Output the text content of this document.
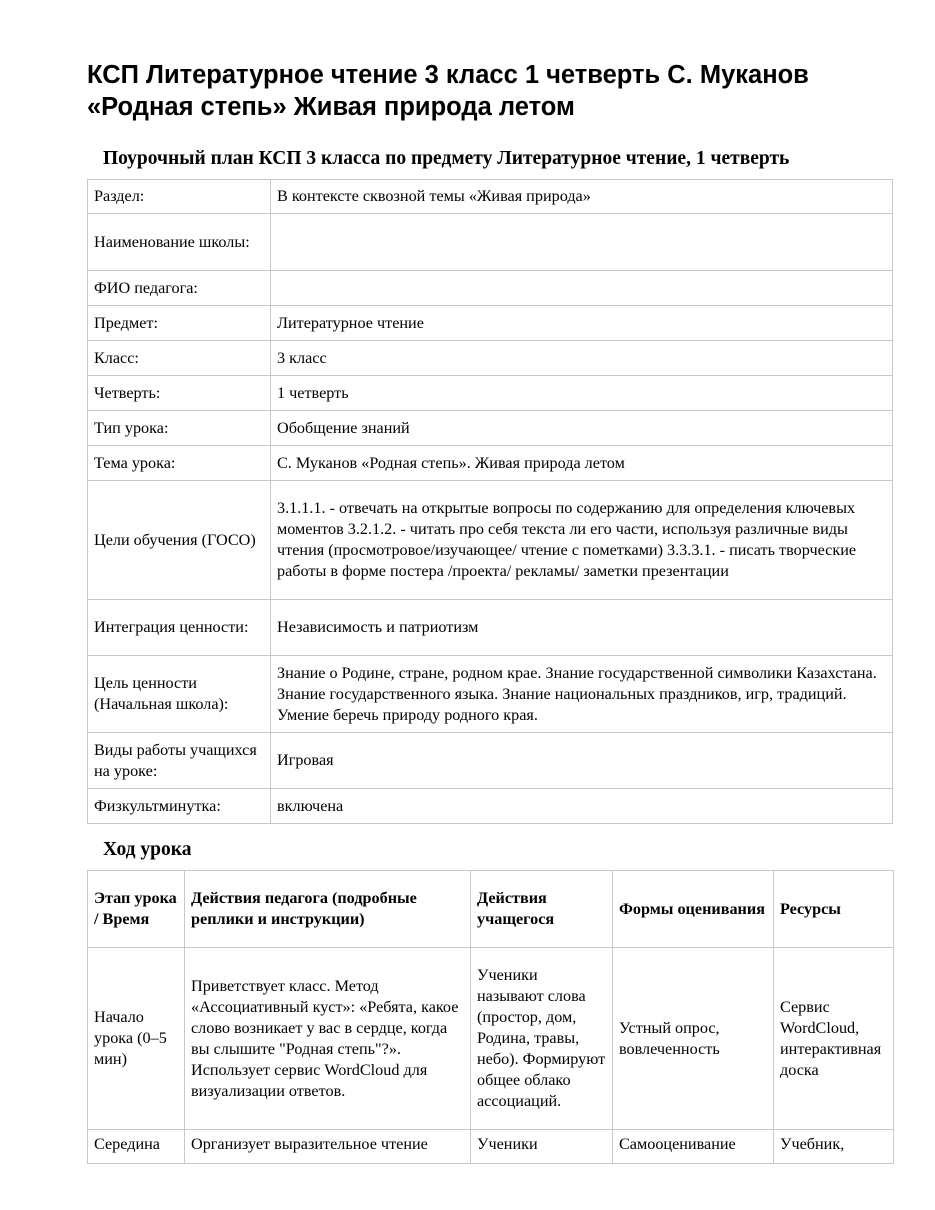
КСП Литературное чтение 3 класс 1 четверть С. Муканов «Родная степь» Живая природа летом
Поурочный план КСП 3 класса по предмету Литературное чтение, 1 четверть
Раздел:	В контексте сквозной темы «Живая природа»
Наименование школы:	
ФИО педагога:	
Предмет:	Литературное чтение
Класс:	3 класс
Четверть:	1 четверть
Тип урока:	Обобщение знаний
Тема урока:	С. Муканов «Родная степь». Живая природа летом
Цели обучения (ГОСО)	3.1.1.1. - отвечать на открытые вопросы по содержанию для определения ключевых моментов 3.2.1.2. - читать про себя текста ли его части, используя различные виды чтения (просмотровое/изучающее/ чтение с пометками) 3.3.3.1. - писать творческие работы в форме постера /проекта/ рекламы/ заметки презентации
Интеграция ценности:	Независимость и патриотизм
Цель ценности (Начальная школа):	Знание о Родине, стране, родном крае. Знание государственной символики Казахстана. Знание государственного языка. Знание национальных праздников, игр, традиций. Умение беречь природу родного края.
Виды работы учащихся на уроке:	Игровая
Физкультминутка:	включена
Ход урока
Этап урока / Время	Действия педагога (подробные реплики и инструкции)	Действия учащегося	Формы оценивания	Ресурсы
Начало урока (0–5 мин)	Приветствует класс. Метод «Ассоциативный куст»: «Ребята, какое слово возникает у вас в сердце, когда вы слышите "Родная степь"?». Использует сервис WordCloud для визуализации ответов.	Ученики называют слова (простор, дом, Родина, травы, небо). Формируют общее облако ассоциаций.	Устный опрос, вовлеченность	Сервис WordCloud, интерактивная доска
Середина	Организует выразительное чтение	Ученики	Самооценивание	Учебник,
